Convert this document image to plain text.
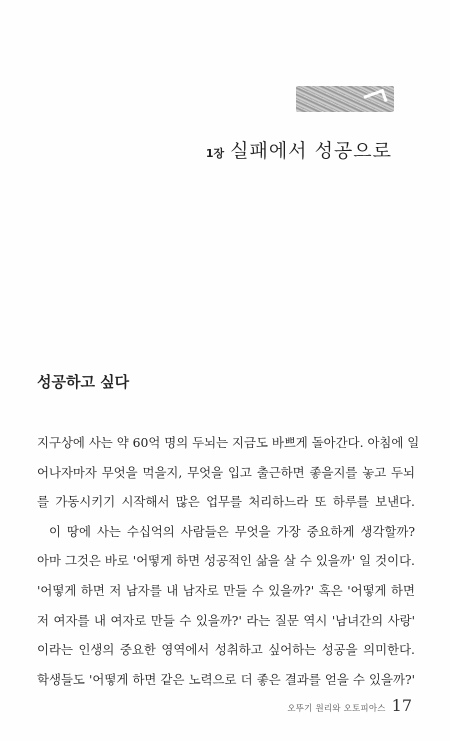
1장 실패에서 성공으로
성공하고 싶다
지구상에 사는 약 60억 명의 두뇌는 지금도 바쁘게 돌아간다. 아침에 일
어나자마자 무엇을 먹을지, 무엇을 입고 출근하면 좋을지를 놓고 두뇌
를 가동시키기 시작해서 많은 업무를 처리하느라 또 하루를 보낸다.
이 땅에 사는 수십억의 사람들은 무엇을 가장 중요하게 생각할까?
아마 그것은 바로 '어떻게 하면 성공적인 삶을 살 수 있을까' 일 것이다.
'어떻게 하면 저 남자를 내 남자로 만들 수 있을까?' 혹은 '어떻게 하면
저 여자를 내 여자로 만들 수 있을까?' 라는 질문 역시 '남녀간의 사랑'
이라는 인생의 중요한 영역에서 성취하고 싶어하는 성공을 의미한다.
학생들도 '어떻게 하면 같은 노력으로 더 좋은 결과를 얻을 수 있을까?'
오뚜기 원리와 오토피아스 17
